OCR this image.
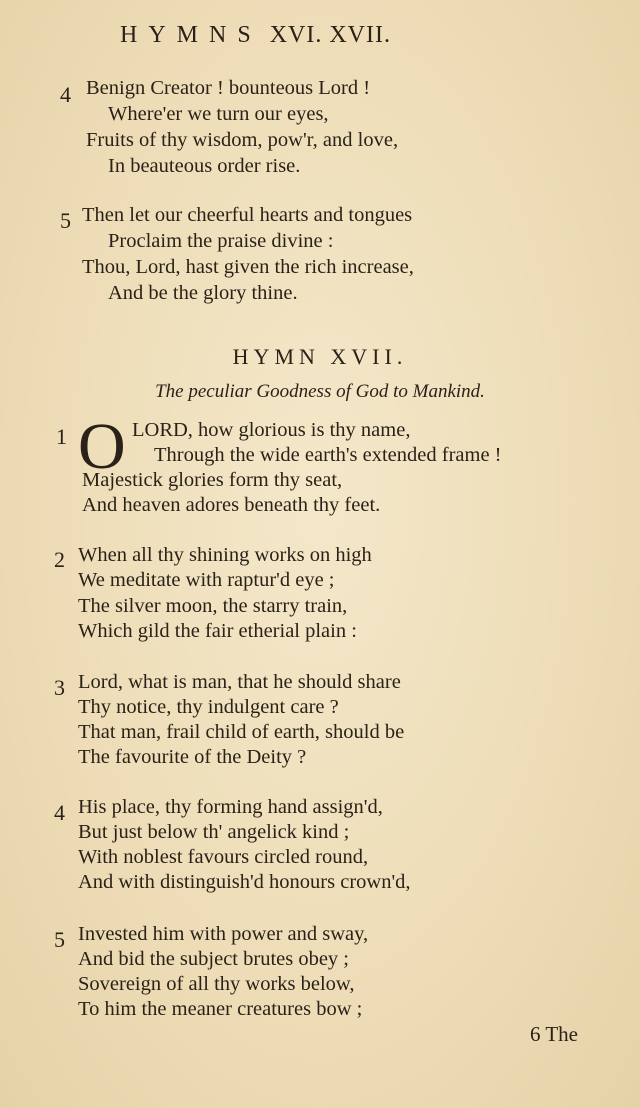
HYMNS XVI. XVII.
4 Benign Creator ! bounteous Lord !
Where'er we turn our eyes,
Fruits of thy wisdom, pow'r, and love,
In beauteous order rise.
5 Then let our cheerful hearts and tongues
Proclaim the praise divine :
Thou, Lord, hast given the rich increase,
And be the glory thine.
HYMN XVII.
The peculiar Goodness of God to Mankind.
1 O LORD, how glorious is thy name,
Through the wide earth's extended frame !
Majestick glories form thy seat,
And heaven adores beneath thy feet.
2 When all thy shining works on high
We meditate with raptur'd eye ;
The silver moon, the starry train,
Which gild the fair etherial plain :
3 Lord, what is man, that he should share
Thy notice, thy indulgent care ?
That man, frail child of earth, should be
The favourite of the Deity ?
4 His place, thy forming hand assign'd,
But just below th' angelick kind ;
With noblest favours circled round,
And with distinguish'd honours crown'd,
5 Invested him with power and sway,
And bid the subject brutes obey ;
Sovereign of all thy works below,
To him the meaner creatures bow ;
6 The
